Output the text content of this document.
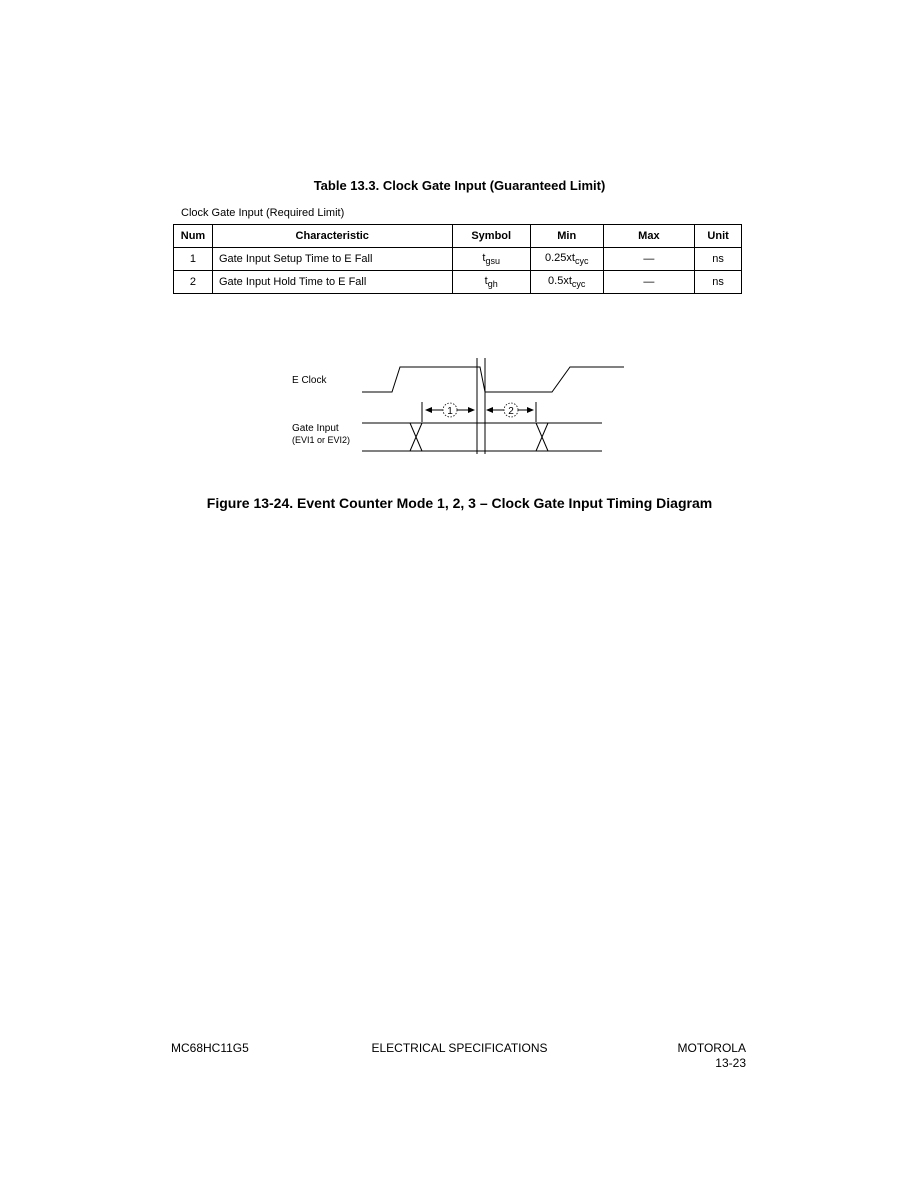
Table 13.3. Clock Gate Input (Guaranteed Limit)
Clock Gate Input (Required Limit)
Num	Characteristic	Symbol	Min	Max	Unit
1	Gate Input Setup Time to E Fall	$t_{gsu}$	$0.25xt_{cyc}$	—	ns
2	Gate Input Hold Time to E Fall	$t_{gh}$	$0.5xt_{cyc}$	—	ns
E Clock
Gate Input
(EVI1 or EVI2)
1	2
Figure 13-24. Event Counter Mode 1, 2, 3 – Clock Gate Input Timing Diagram
MC68HC11G5	ELECTRICAL SPECIFICATIONS	MOTOROLA
13-23
